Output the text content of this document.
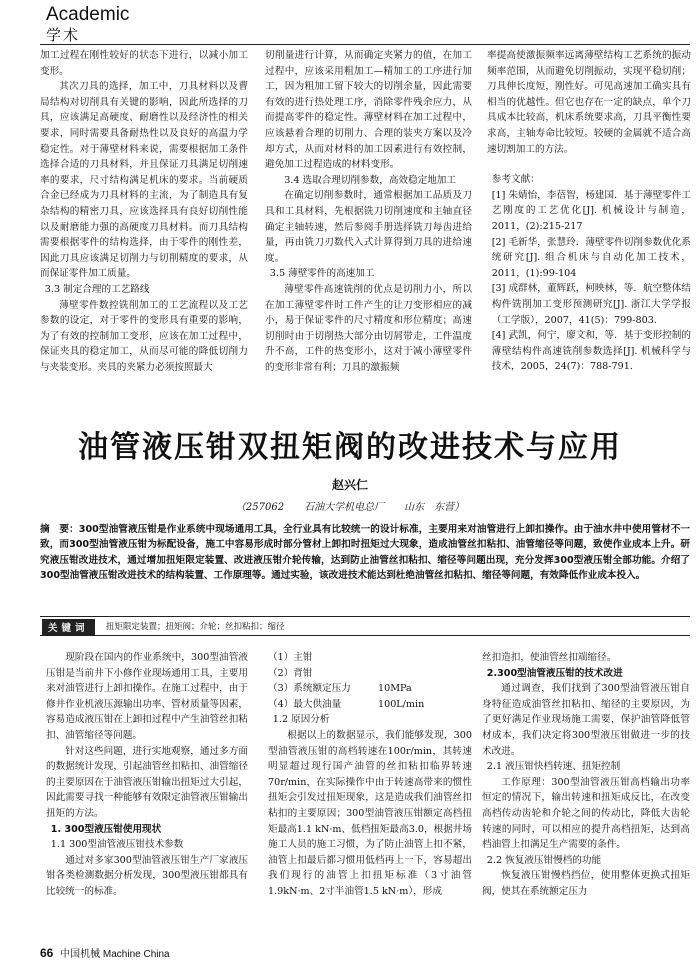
Academic
学术

加工过程在刚性较好的状态下进行，以减小加工变形。

其次刀具的选择，加工中，刀具材料以及曹局结构对切削具有关键的影响，因此所选择的刀具，应该满足高硬度、耐磨性以及经济性的相关要求，同时需要具备耐热性以及良好的高温力学稳定性。对于薄壁材料来说，需要根据加工条件选择合适的刀具材料，并且保证刀具满足切削速率的要求，尺寸结构满足机床的要求。当前硬质合金已经成为刀具材料的主流，为了制造具有复杂结构的精密刀具，应该选择具有良好切削性能以及耐磨能力强的高硬度刀具材料。而刀具结构需要根据零件的结构选择，由于零件的刚性差，因此刀具应该满足切削力与切削精度的要求，从而保证零件加工质量。

3.3 制定合理的工艺路线

薄壁零件数控铣削加工的工艺流程以及工艺参数的设定，对于零件的变形具有重要的影响，为了有效的控制加工变形，应该在加工过程中，保证夹具的稳定加工，从而尽可能的降低切削力与夹装变形。夹具的夹紧力必须按照最大

切削量进行计算，从而确定夹紧力的值，在加工过程中，应该采用粗加工—精加工的工序进行加工，因为粗加工留下较大的切削余量，因此需要有效的进行热处理工序，消除零件残余应力，从而提高零件的稳定性。薄壁材料在加工过程中，应该悬着合理的切削力、合理的装夹方案以及冷却方式，从而对材料的加工因素进行有效控制，避免加工过程造成的材料变形。

3.4 选取合理切削参数，高效稳定地加工

在确定切削参数时，通常根据加工品质及刀具和工具材料，先根据铣刀切削速度和主轴直径确定主轴转速，然后参阅手册选择铣刀每齿进给量，再由铣刀刃数代入式计算得到刀具的进给速度。

3.5 薄壁零件的高速加工

薄壁零件高速铣削的优点是切削力小，所以在加工薄壁零件时工件产生的让刀变形相应的减小，易于保证零件的尺寸精度和形位精度；高速切削时由于切削热大部分由切屑带走，工件温度升不高，工件的热变形小，这对于减小薄壁零件的变形非常有利；刀具的激振频

率提高使激振频率远离薄壁结构工艺系统的振动频率范围，从而避免切削振动，实现平稳切削；刀具伸长度短，刚性好。可见高速加工确实具有相当的优越性。但它也存在一定的缺点，单个刀具成本比较高，机床系统要求高，刀具平衡性要求高，主轴寿命比较短。较硬的金属就不适合高速切割加工的方法。

参考文献：

[1] 朱婧怡，李蓓智，杨建国．基于薄壁零件工艺刚度的工艺优化[J]. 机械设计与制造，2011，(2):215-217

[2] 毛新华，张慧玲．薄壁零件切削参数优化系统研究[J]. 组合机床与自动化加工技术，2011，(1):99-104

[3] 成群林，董辉跃，柯映林，等．航空整体结构件铣削加工变形预测研究[J]. 浙江大学学报（工学版），2007，41(5)：799-803.

[4] 武凯，何宁，廖文和，等．基于变形控制的薄壁结构件高速铣削参数选择[J]. 机械科学与技术，2005，24(7)：788-791.

油管液压钳双扭矩阀的改进技术与应用
赵兴仁
（257062　　石油大学机电总厂　　山东　东营）
摘　要：300型油管液压钳是作业系统中现场通用工具，全行业具有比较统一的设计标准，主要用来对油管进行上卸扣操作。由于油水井中使用管材不一致，而300型油管液压钳为标配设备，施工中容易形成时部分管材上卸扣时扭矩过大现象，造成油管丝扣粘扣、油管缩径等问题，致使作业成本上升。研究液压钳改进技术，通过增加扭矩限定装置、改进液压钳介轮传输，达到防止油管丝扣粘扣、缩径等问题出现，充分发挥300型液压钳全部功能。介绍了300型油管液压钳改进技术的结构装置、工作原理等。通过实验，该改进技术能达到杜绝油管丝扣粘扣、缩径等问题，有效降低作业成本投入。
关键词	扭矩限定装置；扭矩阀；介轮；丝扣粘扣；缩径

现阶段在国内的作业系统中，300型油管液压钳是当前井下小修作业现场通用工具，主要用来对油管进行上卸扣操作。在施工过程中，由于修井作业机液压源输出功率、管材质量等因素，容易造成液压钳在上卸扣过程中产生油管丝扣粘扣、油管缩径等问题。

针对这些问题，进行实地观察，通过多方面的数据统计发现，引起油管丝扣粘扣、油管缩径的主要原因在于油管液压钳输出扭矩过大引起，因此需要寻找一种能够有效限定油管液压钳输出扭矩的方法。

1. 300型液压钳使用现状

1.1 300型油管液压钳技术参数

通过对多家300型油管液压钳生产厂家液压钳各类检测数据分析发现，300型液压钳都具有比较统一的标准。

（1）主钳
（2）背钳
（3）系统额定压力	10MPa
（4）最大供油量	100L/min

1.2 原因分析

根据以上的数据显示，我们能够发现，300型油管液压钳的高档转速在100r/min，其转速明显超过现行国产油管的丝扣粘扣临界转速70r/min，在实际操作中由于转速高带来的惯性扭矩会引发过扭矩现象，这是造成我们油管丝扣粘扣的主要原因；300型油管液压钳额定高档扭矩最高1.1 kN·m、低档扭矩最高3.0，根据井场施工人员的施工习惯，为了防止油管上扣不紧，油管上扣最后都习惯用低档再上一下，容易超出我们现行的油管上扣扭矩标准（3寸油管1.9kN·m、2寸半油管1.5 kN·m），形成

丝扣造扣，使油管丝扣端缩径。

2.300型油管液压钳的技术改进

通过调查，我们找到了300型油管液压钳自身特征造成油管丝扣粘扣、缩径的主要原因，为了更好满足作业现场施工需要，保护油管降低管材成本，我们决定将300型液压钳做进一步的技术改进。

2.1 液压钳快档转速、扭矩控制

工作原理：300型油管液压钳高档输出功率恒定的情况下，输出转速和扭矩成反比，在改变高档传动齿轮和介轮之间的传动比，降低大齿轮转速的同时，可以相应的提升高档扭矩，达到高档油管上扣满足生产需要的条件。

2.2 恢复液压钳慢档的功能

恢复液压钳慢档挡位，使用整体更换式扭矩阀，使其在系统额定压力

66 中国机械 Machine China
